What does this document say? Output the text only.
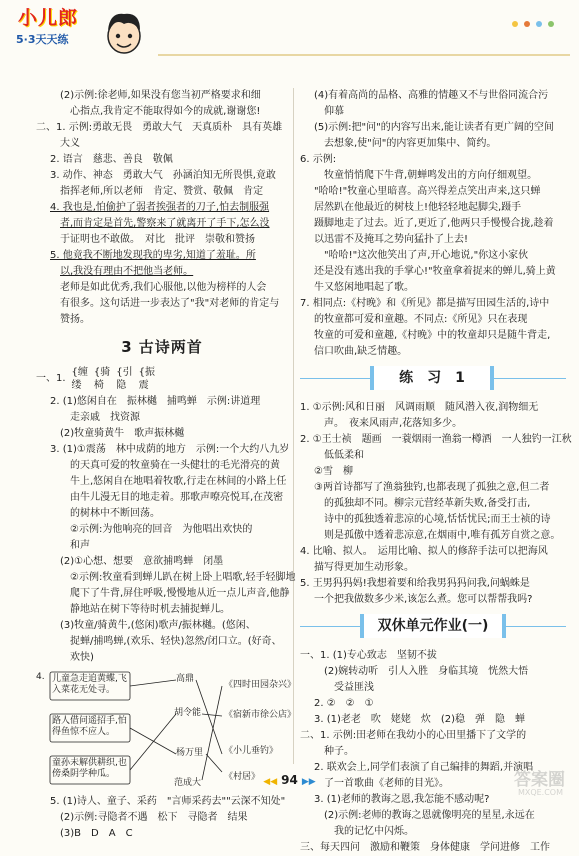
小儿郎
5·3天天练
(2)示例:徐老师,如果没有您当初严格要求和细
心指点,我肯定不能取得如今的成就,谢谢您!
二、1. 示例:勇敢无畏　勇敢大气　天真质朴　具有英雄
大义
2. 语言　慈悲、善良　敬佩
3. 动作、神态　勇敢大气　孙涵泊知无所畏惧,竟敢
指挥老师,所以老师　肯定、赞赏、敬佩　肯定
4. 我也是,怕偷护了弱者挨强者的刀子,怕去制服强
者,而肯定是首先,警察来了就离开了手下,怎么没
于证明也不敢做。　对比　批评　崇敬和赞扬
5. 他竟我不断地发现我的卑劣,知道了羞耻。所
以,我没有理由不把他当老师。
老师是如此优秀,我们心服他,以他为榜样的人会
有很多。这句话进一步表达了"我"对老师的肯定与
赞扬。
3 古诗两首
一、1.
{缠
缕
{骑
椅
{引
隐
{振
震
2. (1)悠闲自在　振林樾　捕鸣蝉　示例:讲道理
走亲戚　找资源
(2)牧童骑黄牛　歌声振林樾
3. (1)①震荡　林中成荫的地方　示例:一个大约八九岁
的天真可爱的牧童骑在一头健壮的毛光滑亮的黄
牛上,悠闲自在地唱着牧歌,行走在林间的小路上任
由牛儿漫无目的地走着。那歌声嘹亮悦耳,在茂密
的树林中不断回荡。
②示例:为他响亮的回音　为他唱出欢快的
和声
(2)①心想、想要　意欲捕鸣蝉　闭墨
②示例:牧童看到蝉儿趴在树上卧上唱歌,轻手轻脚地
爬下了牛背,屏住呼吸,慢慢地从近一点儿声音,他静
静地站在树下等待时机去捕捉蝉儿。
(3)牧童/骑黄牛,(悠闲)歌声/振林樾。(悠闲、
捉蝉/捕鸣蝉,(欢乐、轻快)忽然/闭口立。(好奇、
欢快)
4. 儿童急走追黄蝶,飞入菜花无处寻。
路人借问遥招手,怕得鱼惊不应人。
童孙未解供耕织,也傍桑阴学种瓜。
高鼎
胡令能
杨万里
范成大
《四时田园杂兴》
《宿新市徐公店》
《小儿垂钓》
《村居》
5. (1)诗人、童子、采药　"言师采药去""云深不知处"
(2)示例:寻隐者不遇　松下　寻隐者　结果
(3)B　D　A　C
(4)有着高尚的品格、高雅的情趣又不与世俗同流合污
仰慕
(5)示例:把"问"的内容写出来,能让读者有更广阔的空间
去想象,使"问"的内容更加集中、简约。
6. 示例:
牧童悄悄爬下牛背,朝蝉鸣发出的方向仔细观望。
"哈哈!"牧童心里暗喜。高兴得差点笑出声来,这只蝉
居然趴在他最近的树枝上!他轻轻地起脚尖,蹑手
蹑脚地走了过去。近了,更近了,他两只手慢慢合拢,趁着
以迅雷不及掩耳之势向猛扑了上去!
"哈哈!"这次他笑出了声,开心地说,"你这小家伙
还是没有逃出我的手掌心!"牧童拿着捉来的蝉儿,骑上黄
牛又悠闲地唱起了歌。
7. 相同点:《村晚》和《所见》都是描写田园生活的,诗中
的牧童都可爱和童趣。不同点:《所见》只在表现
牧童的可爱和童趣,《村晚》中的牧童却只是随牛背走,
信口吹曲,缺乏情趣。
练　习　1
1. ①示例:风和日丽　风调雨顺　随风潜入夜,润物细无
声。　夜来风雨声,花落知多少。
2. ①王士祯　题画　一蓑烟雨一渔翁一樽酒　一人独钓一江秋
低低柔和
②雪　柳
③两首诗都写了渔翁独钓,也都表现了孤独之意,但二者
的孤独却不同。柳宗元营经革新失败,备受打击,
诗中的孤独透着悲凉的心境,恬恬忧民;而王士祯的诗
则是孤傲中透着悲凉意,在烟雨中,唯有孤芳自赏之意。
4. 比喻、拟人。　运用比喻、拟人的修辞手法可以把海风
描写得更加生动形象。
5. 王男犸犸妈!我想着要和给我男犸犸问我,问蜗蛛是
一个把我做数多少米,该怎么煮。您可以帮帮我吗?
双休单元作业(一)
一、1. (1)专心致志　坚韧不拔
(2)婉转动听　引人入胜　身临其境　恍然大悟
受益匪浅
2. ②　②　①
3. (1)老老　吹　姥姥　炊　(2)稳　弹　隐　蝉
二、1. 示例:田老师在我幼小的心田里播下了文学的
种子。
2. 联欢会上,同学们表演了自己编排的舞蹈,并演唱
了一首歌曲《老师的目光》。
3. (1)老师的教诲之恩,我怎能不感动呢?
(2)示例:老师的教诲之恩就像明亮的星星,永远在
我的记忆中闪烁。
三、每天四问　激励和鞭策　身体健康　学问进修　工作
◀◀ 94 ▶▶	答案圈
MXQE.COM
